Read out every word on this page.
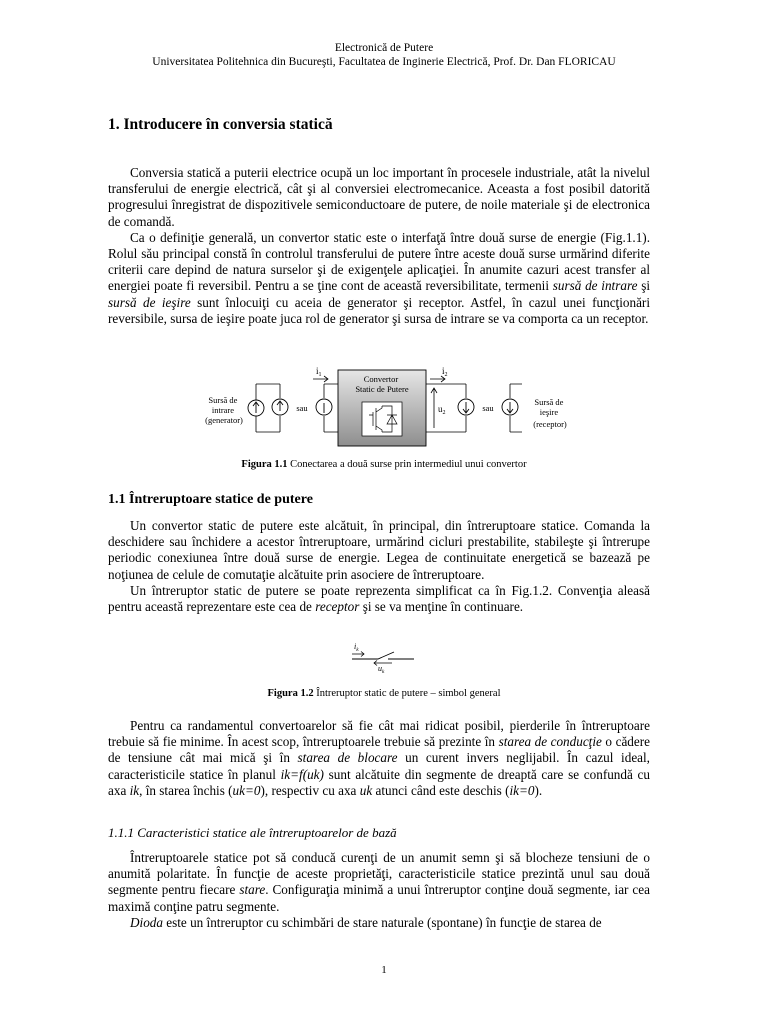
Electronică de Putere
Universitatea Politehnica din Bucureşti, Facultatea de Inginerie Electrică, Prof. Dr. Dan FLORICAU
1. Introducere în conversia statică

Conversia statică a puterii electrice ocupă un loc important în procesele industriale, atât la nivelul transferului de energie electrică, cât şi al conversiei electromecanice. Aceasta a fost posibil datorită progresului înregistrat de dispozitivele semiconductoare de putere, de noile materiale şi de electronica de comandă.

Ca o definiţie generală, un convertor static este o interfaţă între două surse de energie (Fig.1.1). Rolul său principal constă în controlul transferului de putere între aceste două surse urmărind diferite criterii care depind de natura surselor şi de exigenţele aplicaţiei. În anumite cazuri acest transfer al energiei poate fi reversibil. Pentru a se ţine cont de această reversibilitate, termenii sursă de intrare şi sursă de ieşire sunt înlocuiţi cu aceia de generator şi receptor. Astfel, în cazul unei funcţionări reversibile, sursa de ieşire poate juca rol de generator şi sursa de intrare se va comporta ca un receptor.

Sursă de intrare (generator)
sau
$i_1$	Convertor Static de Putere
$u_2$
$i_2$
sau
Sursă de ieşire (receptor)
Figura 1.1 Conectarea a două surse prin intermediul unui convertor
1.1 Întreruptoare statice de putere

Un convertor static de putere este alcătuit, în principal, din întreruptoare statice. Comanda la deschidere sau închidere a acestor întreruptoare, urmărind cicluri prestabilite, stabileşte şi întrerupe periodic conexiunea între două surse de energie. Legea de continuitate energetică se bazează pe noţiunea de celule de comutaţie alcătuite prin asociere de întreruptoare.

Un întreruptor static de putere se poate reprezenta simplificat ca în Fig.1.2. Convenţia aleasă pentru această reprezentare este cea de receptor şi se va menţine în continuare.

$i_k$
$u_k$
Figura 1.2 Întreruptor static de putere – simbol general

Pentru ca randamentul convertoarelor să fie cât mai ridicat posibil, pierderile în întreruptoare trebuie să fie minime. În acest scop, întreruptoarele trebuie să prezinte în starea de conducţie o cădere de tensiune cât mai mică şi în starea de blocare un curent invers neglijabil. În cazul ideal, caracteristicile statice în planul ik=f(uk) sunt alcătuite din segmente de dreaptă care se confundă cu axa ik, în starea închis (uk=0), respectiv cu axa uk atunci când este deschis (ik=0).

1.1.1 Caracteristici statice ale întreruptoarelor de bază

Întreruptoarele statice pot să conducă curenţi de un anumit semn şi să blocheze tensiuni de o anumită polaritate. În funcţie de aceste proprietăţi, caracteristicile statice prezintă unul sau două segmente pentru fiecare stare. Configuraţia minimă a unui întreruptor conţine două segmente, iar cea maximă conţine patru segmente.

Dioda este un întreruptor cu schimbări de stare naturale (spontane) în funcţie de starea de

1
